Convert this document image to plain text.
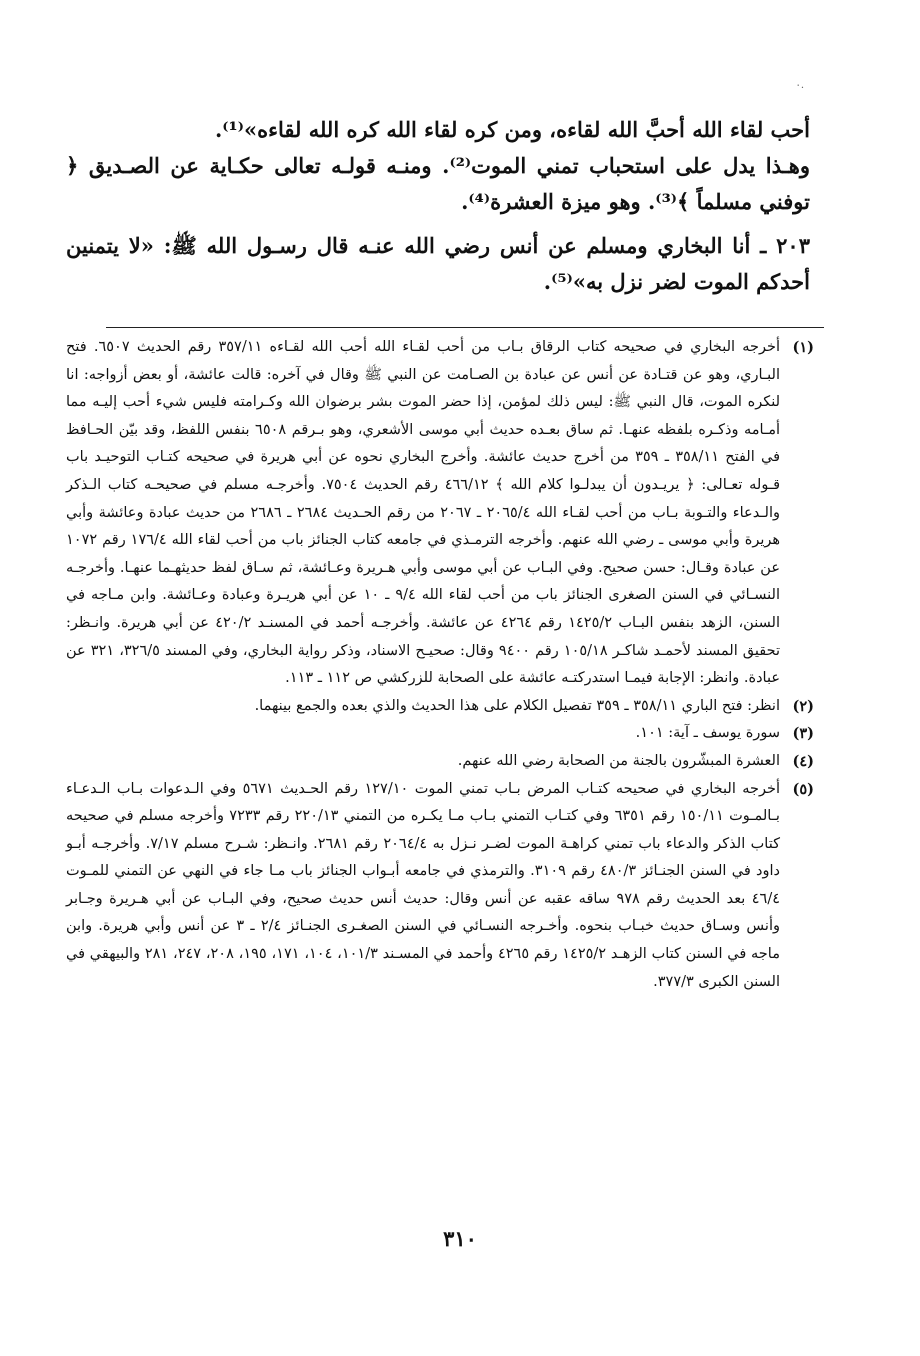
٠.

أحب لقاء الله أحبَّ الله لقاءه، ومن كره لقاء الله كره الله لقاءه»⁽¹⁾.

وهـذا يدل على استحباب تمني الموت⁽²⁾. ومنـه قولـه تعالى حكـاية عن الصـديق ﴿ توفني مسلماً ﴾⁽³⁾. وهو ميزة العشرة⁽⁴⁾.

٢٠٣ ـ أنا البخاري ومسلم عن أنس رضي الله عنـه قال رسـول الله ﷺ: «لا يتمنين أحدكم الموت لضر نزل به»⁽⁵⁾.

(١)
أخرجه البخاري في صحيحه كتاب الرقاق بـاب من أحب لقـاء الله أحب الله لقـاءه ٣٥٧/١١ رقم الحديث ٦٥٠٧. فتح البـاري، وهو عن قتـادة عن أنس عن عبادة بن الصـامت عن النبي ﷺ وقال في آخره: قالت عائشة، أو بعض أزواجه: انا لنكره الموت، قال النبي ﷺ: ليس ذلك لمؤمن، إذا حضر الموت بشر برضوان الله وكـرامته فليس شيء أحب إليـه مما أمـامه وذكـره بلفظه عنهـا. ثم ساق بعـده حديث أبي موسى الأشعري، وهو بـرقم ٦٥٠٨ بنفس اللفظ، وقد بيّن الحـافظ في الفتح ٣٥٨/١١ ـ ٣٥٩ من أخرج حديث عائشة. وأخرج البخاري نحوه عن أبي هريرة في صحيحه كتـاب التوحيـد باب قـوله تعـالى: ﴿ يريـدون أن يبدلـوا كلام الله ﴾ ٤٦٦/١٢ رقم الحديث ٧٥٠٤. وأخرجـه مسلم في صحيحـه كتاب الـذكر والـدعاء والتـوبة بـاب من أحب لقـاء الله ٢٠٦٥/٤ ـ ٢٠٦٧ من رقم الحـديث ٢٦٨٤ ـ ٢٦٨٦ من حديث عبادة وعائشة وأبي هريرة وأبي موسى ـ رضي الله عنهم. وأخرجه الترمـذي في جامعه كتاب الجنائز باب من أحب لقاء الله ١٧٦/٤ رقم ١٠٧٢ عن عبادة وقـال: حسن صحيح. وفي البـاب عن أبي موسى وأبي هـريرة وعـائشة، ثم سـاق لفظ حديثهـما عنهـا. وأخرجـه النسـائي في السنن الصغرى الجنائز باب من أحب لقاء الله ٩/٤ ـ ١٠ عن أبي هريـرة وعبادة وعـائشة. وابن مـاجه في السنن، الزهد بنفس البـاب ١٤٢٥/٢ رقم ٤٢٦٤ عن عائشة. وأخرجـه أحمد في المسنـد ٤٢٠/٢ عن أبي هريرة. وانـظر: تحقيق المسند لأحمـد شاكـر ١٠٥/١٨ رقم ٩٤٠٠ وقال: صحيـح الاسناد، وذكر رواية البخاري، وفي المسند ٣٢٦/٥، ٣٢١ عن عبادة. وانظر: الإجابة فيمـا استدركتـه عائشة على الصحابة للزركشي ص ١١٢ ـ ١١٣.
(٢)
انظر: فتح الباري ٣٥٨/١١ ـ ٣٥٩ تفصيل الكلام على هذا الحديث والذي بعده والجمع بينهما.
(٣)
سورة يوسف ـ آية: ١٠١.
(٤)
العشرة المبشّرون بالجنة من الصحابة رضي الله عنهم.
(٥)
أخرجه البخاري في صحيحه كتـاب المرض بـاب تمني الموت ١٢٧/١٠ رقم الحـديث ٥٦٧١ وفي الـدعوات بـاب الـدعـاء بـالمـوت ١٥٠/١١ رقم ٦٣٥١ وفي كتـاب التمني بـاب مـا يكـره من التمني ٢٢٠/١٣ رقم ٧٢٣٣ وأخرجه مسلم في صحيحه كتاب الذكر والدعاء باب تمني كراهـة الموت لضـر نـزل به ٢٠٦٤/٤ رقم ٢٦٨١. وانـظر: شـرح مسلم ٧/١٧. وأخرجـه أبـو داود في السنن الجنـائز ٤٨٠/٣ رقم ٣١٠٩. والترمذي في جامعه أبـواب الجنائز باب مـا جاء في النهي عن التمني للمـوت ٤٦/٤ بعد الحديث رقم ٩٧٨ ساقه عقبه عن أنس وقال: حديث أنس حديث صحيح، وفي البـاب عن أبي هـريرة وجـابر وأنس وسـاق حديث خبـاب بنحوه. وأخـرجه النسـائي في السنن الصغـرى الجنـائز ٢/٤ ـ ٣ عن أنس وأبي هريرة. وابن ماجه في السنن كتاب الزهـد ١٤٢٥/٢ رقم ٤٢٦٥ وأحمد في المسـند ١٠١/٣، ١٠٤، ١٧١، ١٩٥، ٢٠٨، ٢٤٧، ٢٨١ والبيهقي في السنن الكبرى ٣٧٧/٣.
٣١٠
